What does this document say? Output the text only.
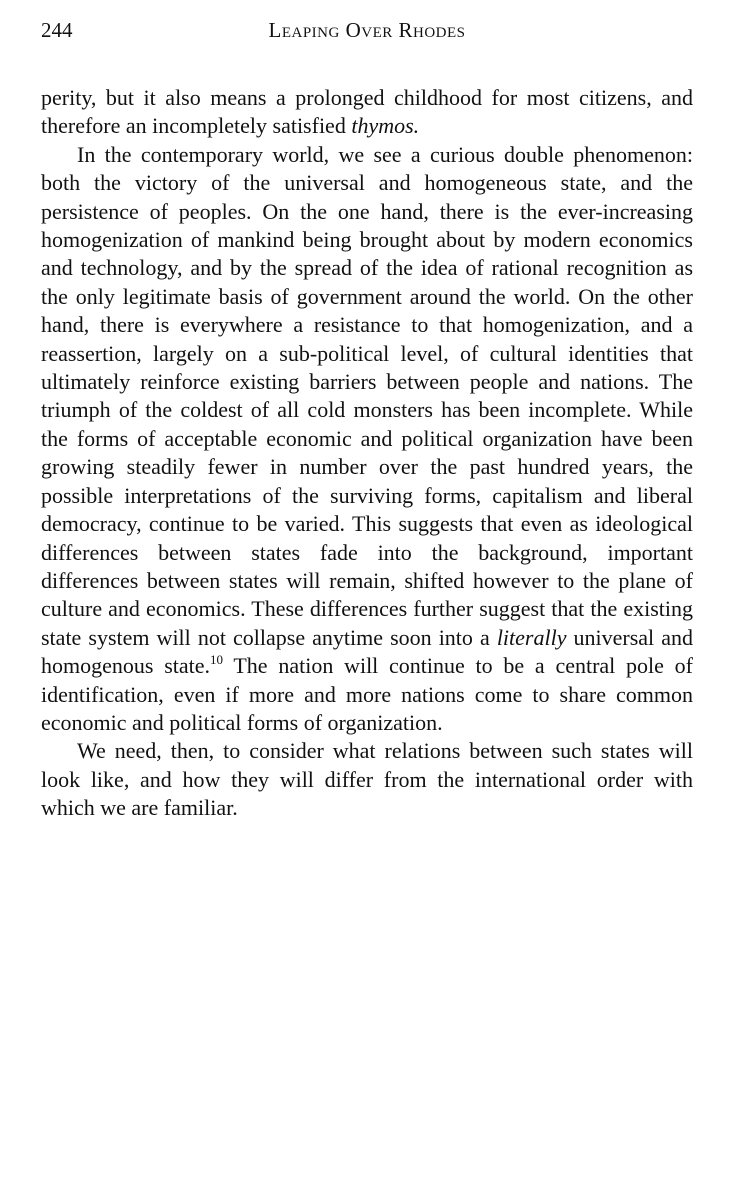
244	Leaping Over Rhodes

perity, but it also means a prolonged childhood for most citizens, and therefore an incompletely satisfied thymos.

In the contemporary world, we see a curious double phenomenon: both the victory of the universal and homogeneous state, and the persistence of peoples. On the one hand, there is the ever-increasing homogenization of mankind being brought about by modern economics and technology, and by the spread of the idea of rational recognition as the only legitimate basis of government around the world. On the other hand, there is everywhere a resistance to that homogenization, and a reassertion, largely on a sub-political level, of cultural identities that ultimately reinforce existing barriers between people and nations. The triumph of the coldest of all cold monsters has been incomplete. While the forms of acceptable economic and political organization have been growing steadily fewer in number over the past hundred years, the possible interpretations of the surviving forms, capitalism and liberal democracy, continue to be varied. This suggests that even as ideological differences between states fade into the background, important differences between states will remain, shifted however to the plane of culture and economics. These differences further suggest that the existing state system will not collapse anytime soon into a literally universal and homogenous state.$^{10}$ The nation will continue to be a central pole of identification, even if more and more nations come to share common economic and political forms of organization.

We need, then, to consider what relations between such states will look like, and how they will differ from the international order with which we are familiar.
